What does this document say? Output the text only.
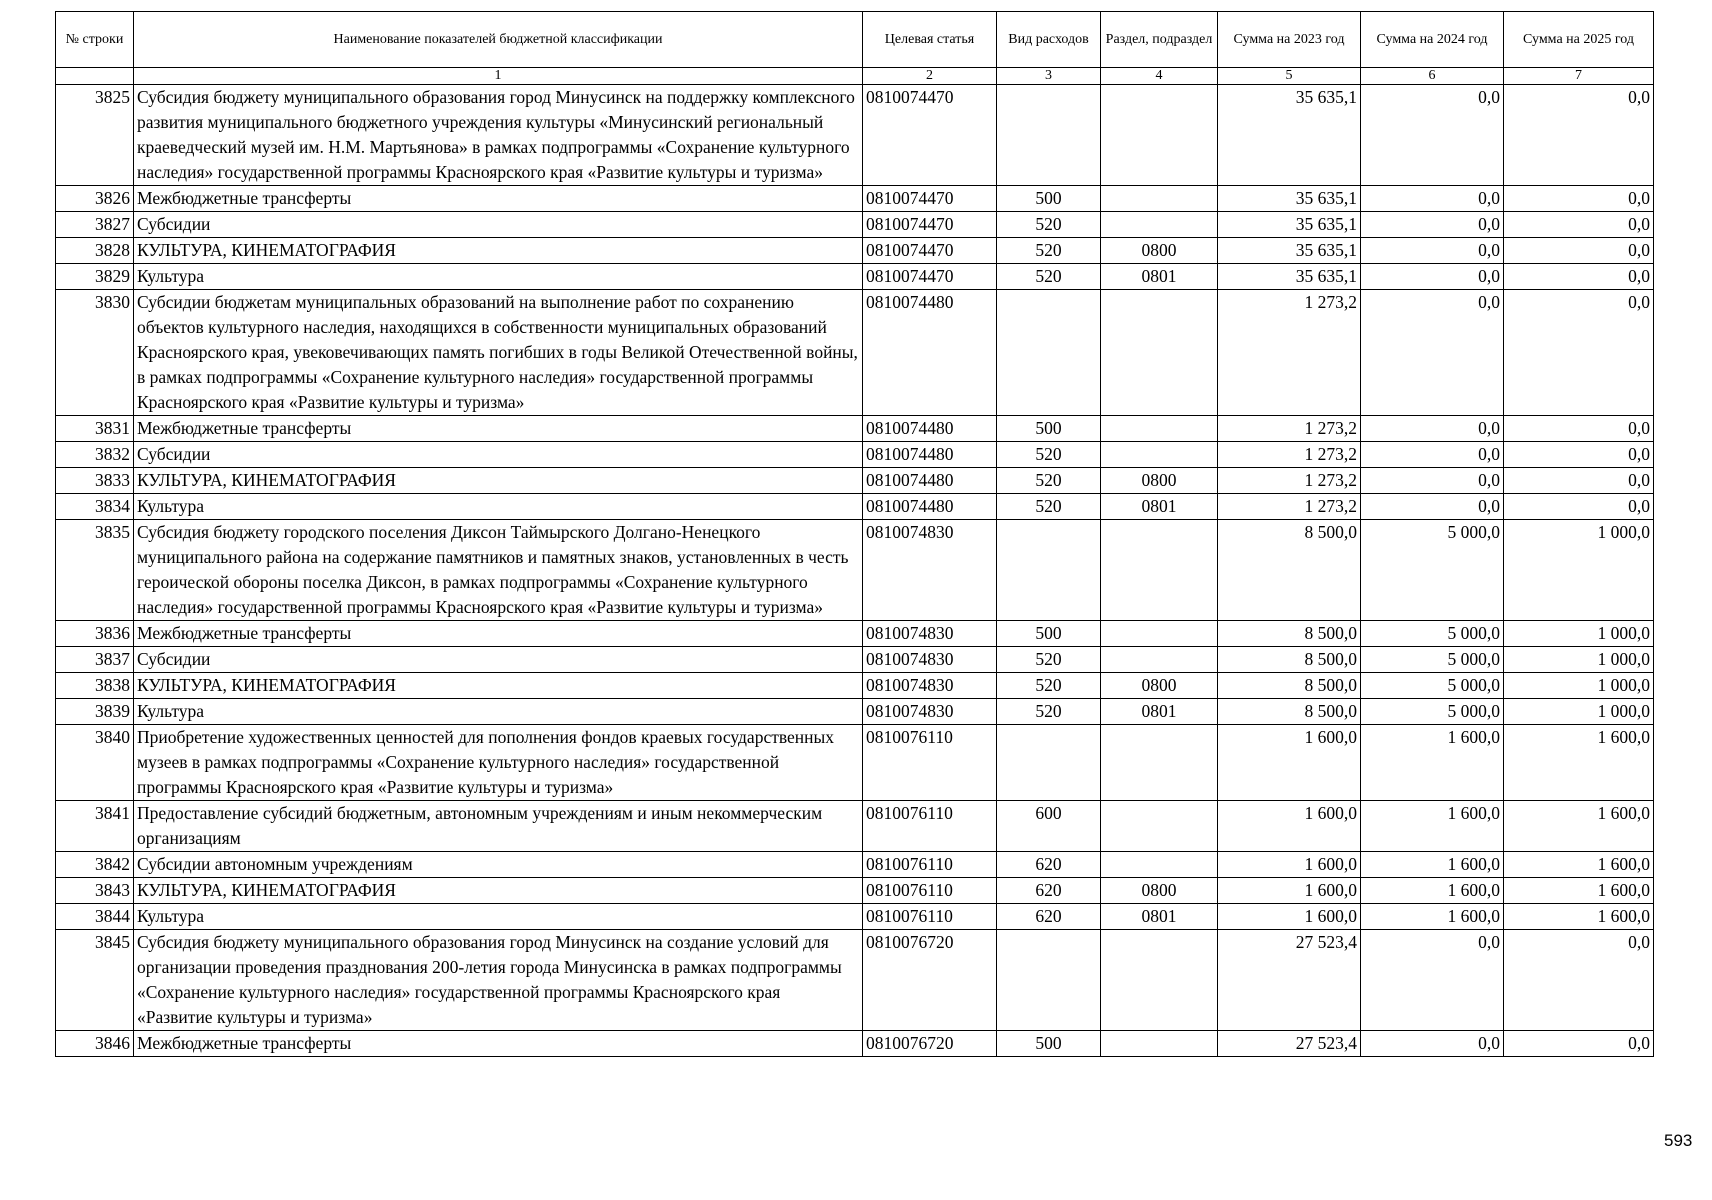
№ строки	Наименование показателей бюджетной классификации	Целевая статья	Вид расходов	Раздел, подраздел	Сумма на 2023 год	Сумма на 2024 год	Сумма на 2025 год
	1	2	3	4	5	6	7
3825	Субсидия бюджету муниципального образования город Минусинск на поддержку комплексного развития муниципального бюджетного учреждения культуры «Минусинский региональный краеведческий музей им. Н.М. Мартьянова» в рамках подпрограммы «Сохранение культурного наследия» государственной программы Красноярского края «Развитие культуры и туризма»	0810074470			35 635,1	0,0	0,0
3826	Межбюджетные трансферты	0810074470	500		35 635,1	0,0	0,0
3827	Субсидии	0810074470	520		35 635,1	0,0	0,0
3828	КУЛЬТУРА, КИНЕМАТОГРАФИЯ	0810074470	520	0800	35 635,1	0,0	0,0
3829	Культура	0810074470	520	0801	35 635,1	0,0	0,0
3830	Субсидии бюджетам муниципальных образований на выполнение работ по сохранению объектов культурного наследия, находящихся в собственности муниципальных образований Красноярского края, увековечивающих память погибших в годы Великой Отечественной войны, в рамках подпрограммы «Сохранение культурного наследия» государственной программы Красноярского края «Развитие культуры и туризма»	0810074480			1 273,2	0,0	0,0
3831	Межбюджетные трансферты	0810074480	500		1 273,2	0,0	0,0
3832	Субсидии	0810074480	520		1 273,2	0,0	0,0
3833	КУЛЬТУРА, КИНЕМАТОГРАФИЯ	0810074480	520	0800	1 273,2	0,0	0,0
3834	Культура	0810074480	520	0801	1 273,2	0,0	0,0
3835	Субсидия бюджету городского поселения Диксон Таймырского Долгано-Ненецкого муниципального района на содержание памятников и памятных знаков, установленных в честь героической обороны поселка Диксон, в рамках подпрограммы «Сохранение культурного наследия» государственной программы Красноярского края «Развитие культуры и туризма»	0810074830			8 500,0	5 000,0	1 000,0
3836	Межбюджетные трансферты	0810074830	500		8 500,0	5 000,0	1 000,0
3837	Субсидии	0810074830	520		8 500,0	5 000,0	1 000,0
3838	КУЛЬТУРА, КИНЕМАТОГРАФИЯ	0810074830	520	0800	8 500,0	5 000,0	1 000,0
3839	Культура	0810074830	520	0801	8 500,0	5 000,0	1 000,0
3840	Приобретение художественных ценностей для пополнения фондов краевых государственных музеев в рамках подпрограммы «Сохранение культурного наследия» государственной программы Красноярского края «Развитие культуры и туризма»	0810076110			1 600,0	1 600,0	1 600,0
3841	Предоставление субсидий бюджетным, автономным учреждениям и иным некоммерческим организациям	0810076110	600		1 600,0	1 600,0	1 600,0
3842	Субсидии автономным учреждениям	0810076110	620		1 600,0	1 600,0	1 600,0
3843	КУЛЬТУРА, КИНЕМАТОГРАФИЯ	0810076110	620	0800	1 600,0	1 600,0	1 600,0
3844	Культура	0810076110	620	0801	1 600,0	1 600,0	1 600,0
3845	Субсидия бюджету муниципального образования город Минусинск на создание условий для организации проведения празднования 200-летия города Минусинска в рамках подпрограммы «Сохранение культурного наследия» государственной программы Красноярского края «Развитие культуры и туризма»	0810076720			27 523,4	0,0	0,0
3846	Межбюджетные трансферты	0810076720	500		27 523,4	0,0	0,0
593
